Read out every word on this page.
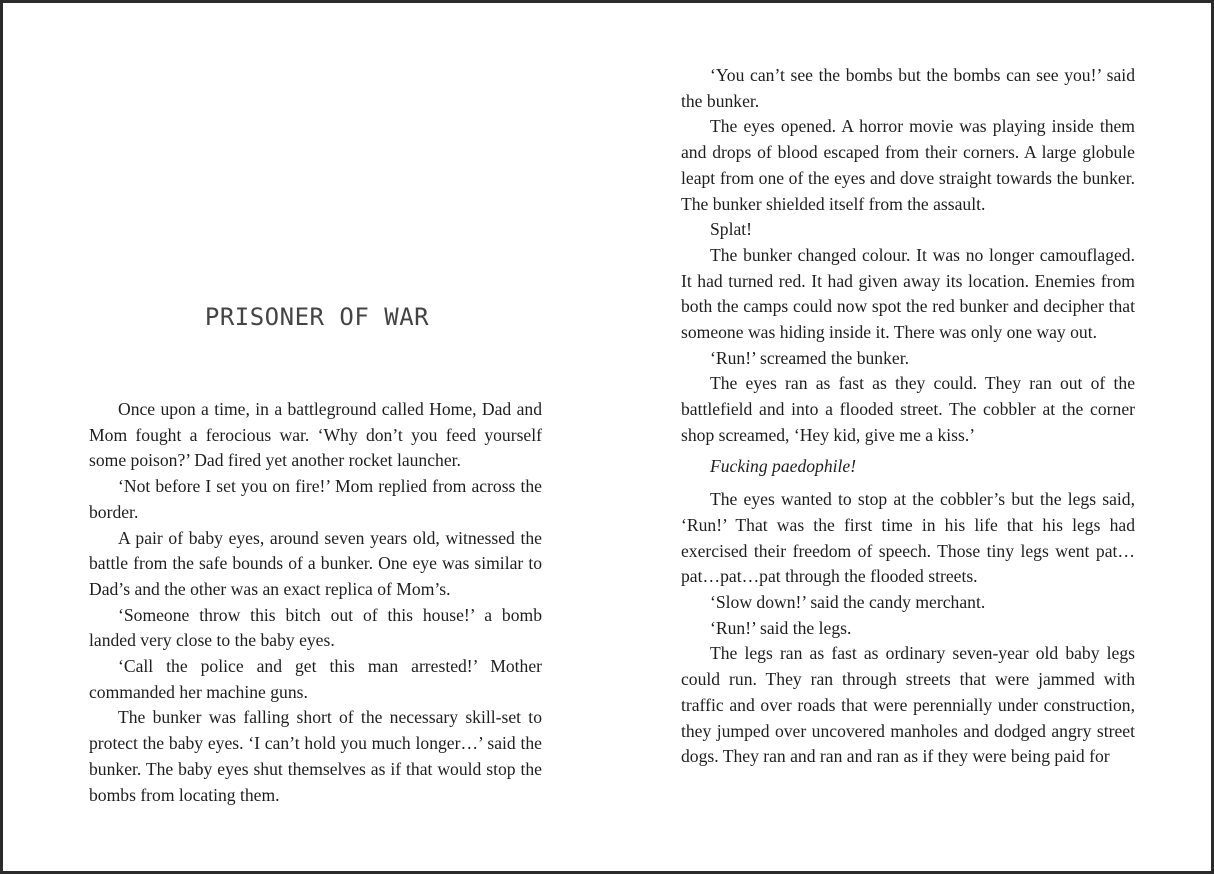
PRISONER OF WAR

Once upon a time, in a battleground called Home, Dad and Mom fought a ferocious war. ‘Why don’t you feed yourself some poison?’ Dad fired yet another rocket launcher.

‘Not before I set you on fire!’ Mom replied from across the border.

A pair of baby eyes, around seven years old, witnessed the battle from the safe bounds of a bunker. One eye was similar to Dad’s and the other was an exact replica of Mom’s.

‘Someone throw this bitch out of this house!’ a bomb landed very close to the baby eyes.

‘Call the police and get this man arrested!’ Mother commanded her machine guns.

The bunker was falling short of the necessary skill-set to protect the baby eyes. ‘I can’t hold you much longer…’ said the bunker. The baby eyes shut themselves as if that would stop the bombs from locating them.

‘You can’t see the bombs but the bombs can see you!’ said the bunker.

The eyes opened. A horror movie was playing inside them and drops of blood escaped from their corners. A large globule leapt from one of the eyes and dove straight towards the bunker. The bunker shielded itself from the assault.

Splat!

The bunker changed colour. It was no longer camouflaged. It had turned red. It had given away its location. Enemies from both the camps could now spot the red bunker and decipher that someone was hiding inside it. There was only one way out.

‘Run!’ screamed the bunker.

The eyes ran as fast as they could. They ran out of the battlefield and into a flooded street. The cobbler at the corner shop screamed, ‘Hey kid, give me a kiss.’

Fucking paedophile!

The eyes wanted to stop at the cobbler’s but the legs said, ‘Run!’ That was the first time in his life that his legs had exercised their freedom of speech. Those tiny legs went pat…pat…pat…pat through the flooded streets.

‘Slow down!’ said the candy merchant.

‘Run!’ said the legs.

The legs ran as fast as ordinary seven-year old baby legs could run. They ran through streets that were jammed with traffic and over roads that were perennially under construction, they jumped over uncovered manholes and dodged angry street dogs. They ran and ran and ran as if they were being paid for
